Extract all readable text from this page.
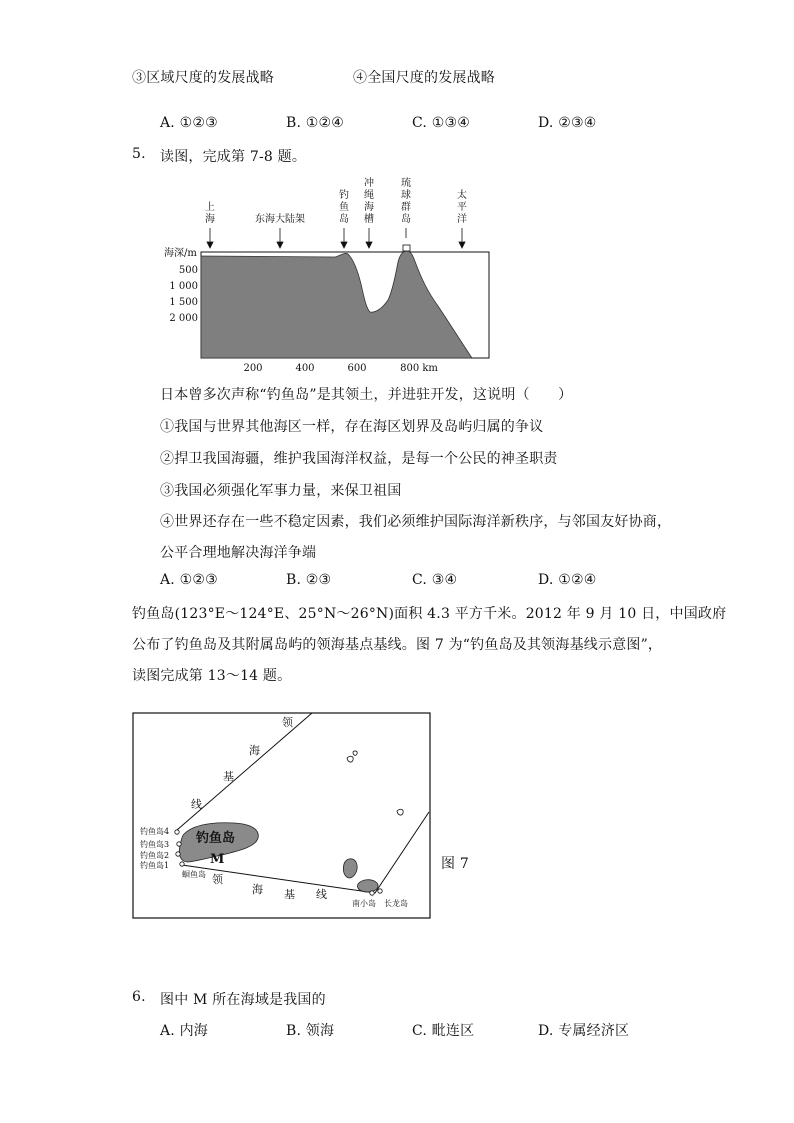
③区域尺度的发展战略	④全国尺度的发展战略
A. ①②③	B. ①②④	C. ①③④	D. ②③④
5. 读图，完成第 7-8 题。
上
海	东海大陆架
钓
鱼
岛
冲
绳
海
槽
琉
球
群
岛
太
平
洋
海深/m
500
1 000
1 500
2 000
200	400	600	800 km
日本曾多次声称“钓鱼岛”是其领土，并进驻开发，这说明（　　）
①我国与世界其他海区一样，存在海区划界及岛屿归属的争议
②捍卫我国海疆，维护我国海洋权益，是每一个公民的神圣职责
③我国必须强化军事力量，来保卫祖国
④世界还存在一些不稳定因素，我们必须维护国际海洋新秩序，与邻国友好协商，
公平合理地解决海洋争端
A. ①②③	B. ②③	C. ③④	D. ①②④
钓鱼岛(123°E～124°E、25°N～26°N)面积 4.3 平方千米。2012 年 9 月 10 日，中国政府
公布了钓鱼岛及其附属岛屿的领海基点基线。图 7 为“钓鱼岛及其领海基线示意图”，
读图完成第 13～14 题。
领
海
基
线
领
海 基 线
钓鱼岛
钓鱼岛4
钓鱼岛3
钓鱼岛2
钓鱼岛1
蛔鱼岛
南小岛 长龙岛
M	图 7
6. 图中 M 所在海域是我国的
A. 内海	B. 领海	C. 毗连区	D. 专属经济区
